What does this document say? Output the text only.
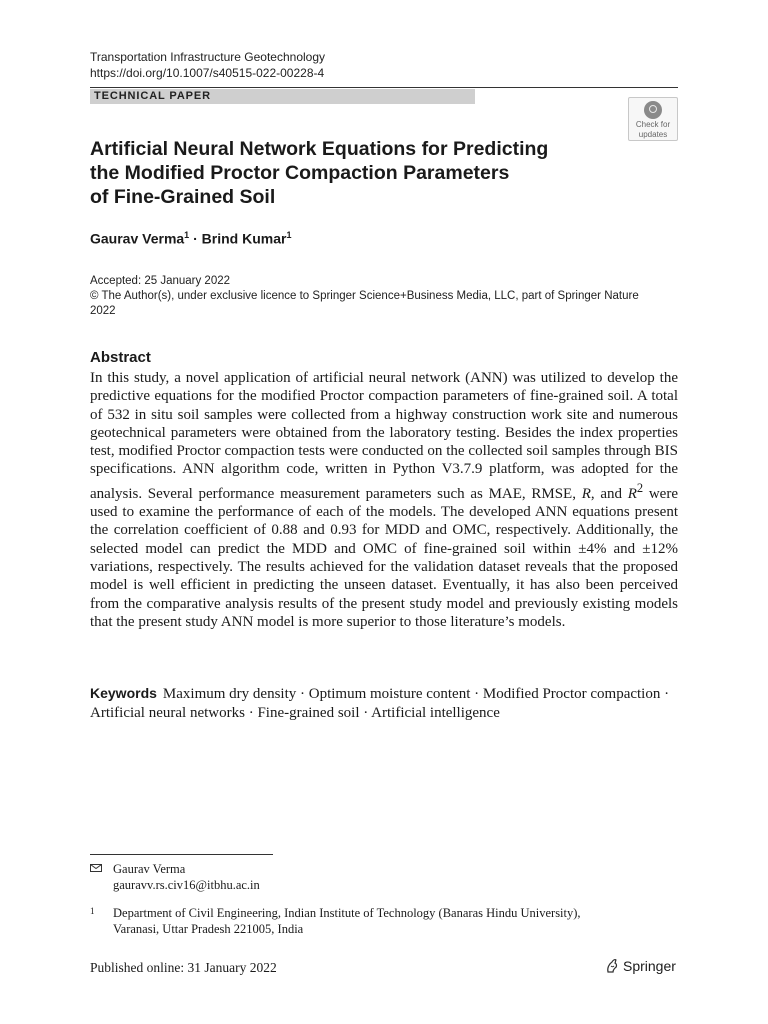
Transportation Infrastructure Geotechnology
https://doi.org/10.1007/s40515-022-00228-4
TECHNICAL PAPER
Check for
updates
Artificial Neural Network Equations for Predicting
the Modified Proctor Compaction Parameters
of Fine-Grained Soil
Gaurav Verma$^1$ · Brind Kumar$^1$
Accepted: 25 January 2022
© The Author(s), under exclusive licence to Springer Science+Business Media, LLC, part of Springer Nature
2022
Abstract
In this study, a novel application of artificial neural network (ANN) was utilized to develop the predictive equations for the modified Proctor compaction parameters of fine-grained soil. A total of 532 in situ soil samples were collected from a highway construction work site and numerous geotechnical parameters were obtained from the laboratory testing. Besides the index properties test, modified Proctor compaction tests were conducted on the collected soil samples through BIS specifications. ANN algorithm code, written in Python V3.7.9 platform, was adopted for the analysis. Several performance measurement parameters such as MAE, RMSE, R, and $R^2$ were used to examine the performance of each of the models. The developed ANN equations present the correlation coefficient of 0.88 and 0.93 for MDD and OMC, respectively. Additionally, the selected model can predict the MDD and OMC of fine-grained soil within ±4% and ±12% variations, respectively. The results achieved for the validation dataset reveals that the proposed model is well efficient in predicting the unseen dataset. Eventually, it has also been perceived from the comparative analysis results of the present study model and previously existing models that the present study ANN model is more superior to those literature’s models.
Keywords Maximum dry density · Optimum moisture content · Modified Proctor compaction · Artificial neural networks · Fine-grained soil · Artificial intelligence
Gaurav Verma
gauravv.rs.civ16@itbhu.ac.in
1 Department of Civil Engineering, Indian Institute of Technology (Banaras Hindu University),
Varanasi, Uttar Pradesh 221005, India
Published online: 31 January 2022	Springer
